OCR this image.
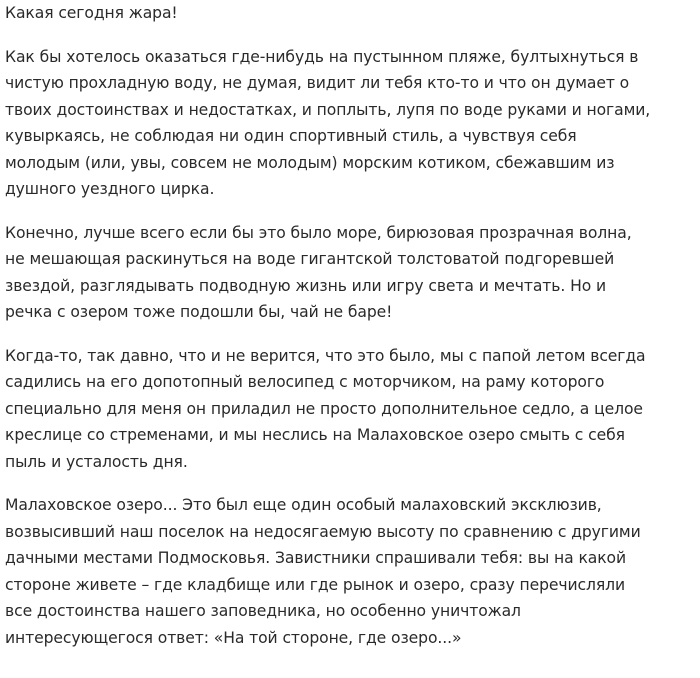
Какая сегодня жара!

Как бы хотелось оказаться где-нибудь на пустынном пляже, бултыхнуться в
чистую прохладную воду, не думая, видит ли тебя кто-то и что он думает о
твоих достоинствах и недостатках, и поплыть, лупя по воде руками и ногами,
кувыркаясь, не соблюдая ни один спортивный стиль, а чувствуя себя
молодым (или, увы, совсем не молодым) морским котиком, сбежавшим из
душного уездного цирка.

Конечно, лучше всего если бы это было море, бирюзовая прозрачная волна,
не мешающая раскинуться на воде гигантской толстоватой подгоревшей
звездой, разглядывать подводную жизнь или игру света и мечтать. Но и
речка с озером тоже подошли бы, чай не баре!

Когда-то, так давно, что и не верится, что это было, мы с папой летом всегда
садились на его допотопный велосипед с моторчиком, на раму которого
специально для меня он приладил не просто дополнительное седло, а целое
креслице со стременами, и мы неслись на Малаховское озеро смыть с себя
пыль и усталость дня.

Малаховское озеро... Это был еще один особый малаховский эксклюзив,
возвысивший наш поселок на недосягаемую высоту по сравнению с другими
дачными местами Подмосковья. Завистники спрашивали тебя: вы на какой
стороне живете – где кладбище или где рынок и озеро, сразу перечисляли
все достоинства нашего заповедника, но особенно уничтожал
интересующегося ответ: «На той стороне, где озеро...»
